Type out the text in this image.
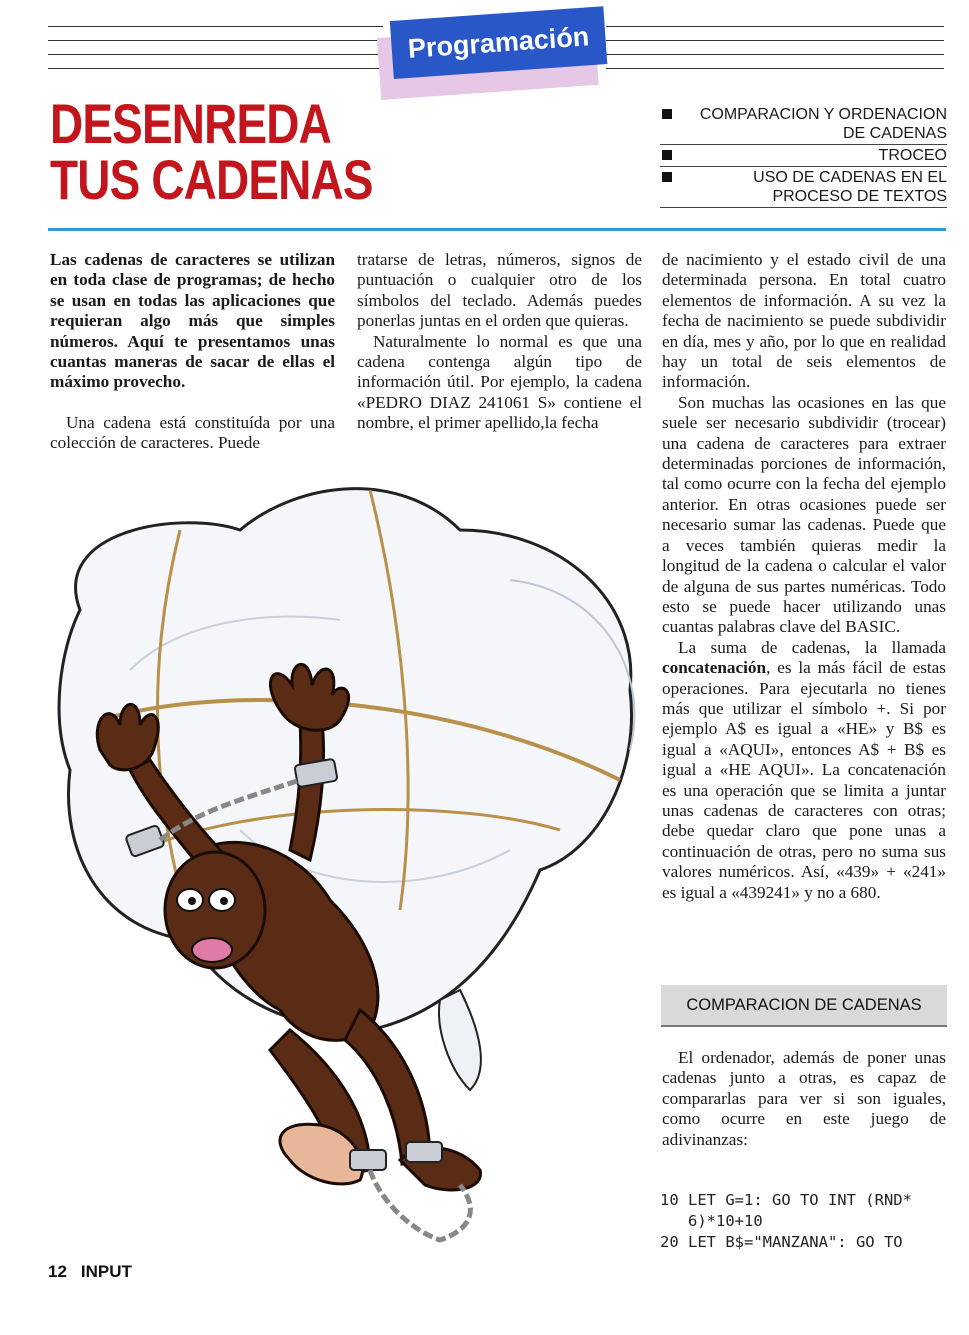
Programación
DESENREDA
TUS CADENAS
COMPARACION Y ORDENACION DE CADENAS
TROCEO
USO DE CADENAS EN EL PROCESO DE TEXTOS

Las cadenas de caracteres se utilizan en toda clase de programas; de hecho se usan en todas las aplicaciones que requieran algo más que simples números. Aquí te presentamos unas cuantas maneras de sacar de ellas el máximo provecho.

Una cadena está constituída por una colección de caracteres. Puede

tratarse de letras, números, signos de puntuación o cualquier otro de los símbolos del teclado. Además puedes ponerlas juntas en el orden que quieras.

Naturalmente lo normal es que una cadena contenga algún tipo de información útil. Por ejemplo, la cadena «PEDRO DIAZ 241061 S» contiene el nombre, el primer apellido,la fecha

de nacimiento y el estado civil de una determinada persona. En total cuatro elementos de información. A su vez la fecha de nacimiento se puede subdividir en día, mes y año, por lo que en realidad hay un total de seis elementos de información.

Son muchas las ocasiones en las que suele ser necesario subdividir (trocear) una cadena de caracteres para extraer determinadas porciones de información, tal como ocurre con la fecha del ejemplo anterior. En otras ocasiones puede ser necesario sumar las cadenas. Puede que a veces también quieras medir la longitud de la cadena o calcular el valor de alguna de sus partes numéricas. Todo esto se puede hacer utilizando unas cuantas palabras clave del BASIC.

La suma de cadenas, la llamada concatenación, es la más fácil de estas operaciones. Para ejecutarla no tienes más que utilizar el símbolo +. Si por ejemplo A$ es igual a «HE» y B$ es igual a «AQUI», entonces A$ + B$ es igual a «HE AQUI». La concatenación es una operación que se limita a juntar unas cadenas de caracteres con otras; debe quedar claro que pone unas a continuación de otras, pero no suma sus valores numéricos. Así, «439» + «241» es igual a «439241» y no a 680.

COMPARACION DE CADENAS

El ordenador, además de poner unas cadenas junto a otras, es capaz de compararlas para ver si son iguales, como ocurre en este juego de adivinanzas:

10 LET G=1: GO TO INT (RND*
6)*10+10
20 LET B$="MANZANA": GO TO
12 INPUT
